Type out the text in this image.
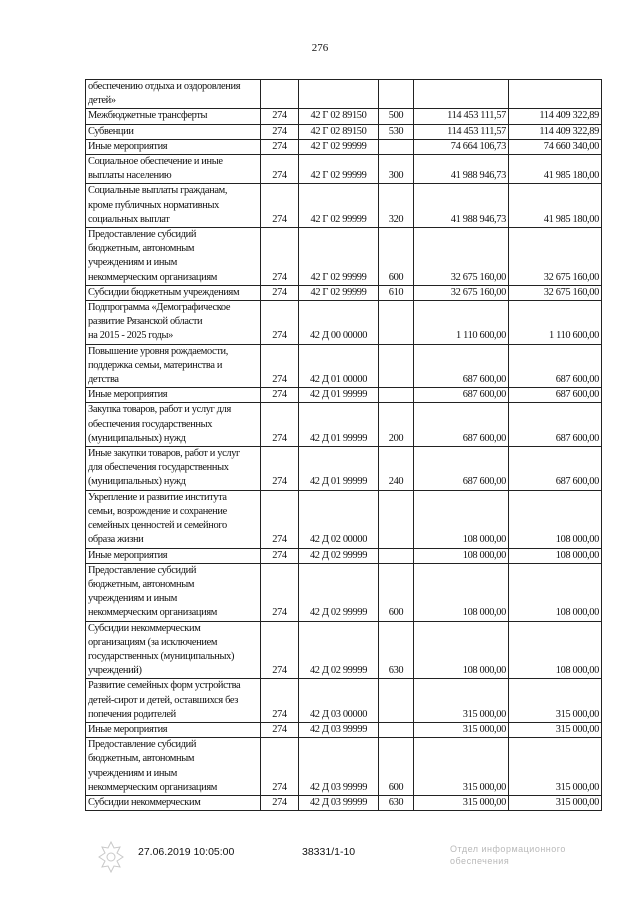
276
обеспечению отдыха и оздоровления
детей»					

Межбюджетные трансферты	274	42 Г 02 89150	500	114 453 111,57	114 409 322,89

Субвенции	274	42 Г 02 89150	530	114 453 111,57	114 409 322,89

Иные мероприятия	274	42 Г 02 99999		74 664 106,73	74 660 340,00

Социальное обеспечение и иные
выплаты населению	274	42 Г 02 99999	300	41 988 946,73	41 985 180,00

Социальные выплаты гражданам,
кроме публичных нормативных
социальных выплат	274	42 Г 02 99999	320	41 988 946,73	41 985 180,00

Предоставление субсидий
бюджетным, автономным
учреждениям и иным
некоммерческим организациям	274	42 Г 02 99999	600	32 675 160,00	32 675 160,00

Субсидии бюджетным учреждениям	274	42 Г 02 99999	610	32 675 160,00	32 675 160,00

Подпрограмма «Демографическое
развитие Рязанской области
на 2015 - 2025 годы»	274	42 Д 00 00000		1 110 600,00	1 110 600,00

Повышение уровня рождаемости,
поддержка семьи, материнства и
детства	274	42 Д 01 00000		687 600,00	687 600,00

Иные мероприятия	274	42 Д 01 99999		687 600,00	687 600,00

Закупка товаров, работ и услуг для
обеспечения государственных
(муниципальных) нужд	274	42 Д 01 99999	200	687 600,00	687 600,00

Иные закупки товаров, работ и услуг
для обеспечения государственных
(муниципальных) нужд	274	42 Д 01 99999	240	687 600,00	687 600,00

Укрепление и развитие института
семьи, возрождение и сохранение
семейных ценностей и семейного
образа жизни	274	42 Д 02 00000		108 000,00	108 000,00

Иные мероприятия	274	42 Д 02 99999		108 000,00	108 000,00

Предоставление субсидий
бюджетным, автономным
учреждениям и иным
некоммерческим организациям	274	42 Д 02 99999	600	108 000,00	108 000,00

Субсидии некоммерческим
организациям (за исключением
государственных (муниципальных)
учреждений)	274	42 Д 02 99999	630	108 000,00	108 000,00

Развитие семейных форм устройства
детей-сирот и детей, оставшихся без
попечения родителей	274	42 Д 03 00000		315 000,00	315 000,00

Иные мероприятия	274	42 Д 03 99999		315 000,00	315 000,00

Предоставление субсидий
бюджетным, автономным
учреждениям и иным
некоммерческим организациям	274	42 Д 03 99999	600	315 000,00	315 000,00

Субсидии некоммерческим	274	42 Д 03 99999	630	315 000,00	315 000,00
27.06.2019 10:05:00	38331/1-10	Отдел информационного
обеспечения
